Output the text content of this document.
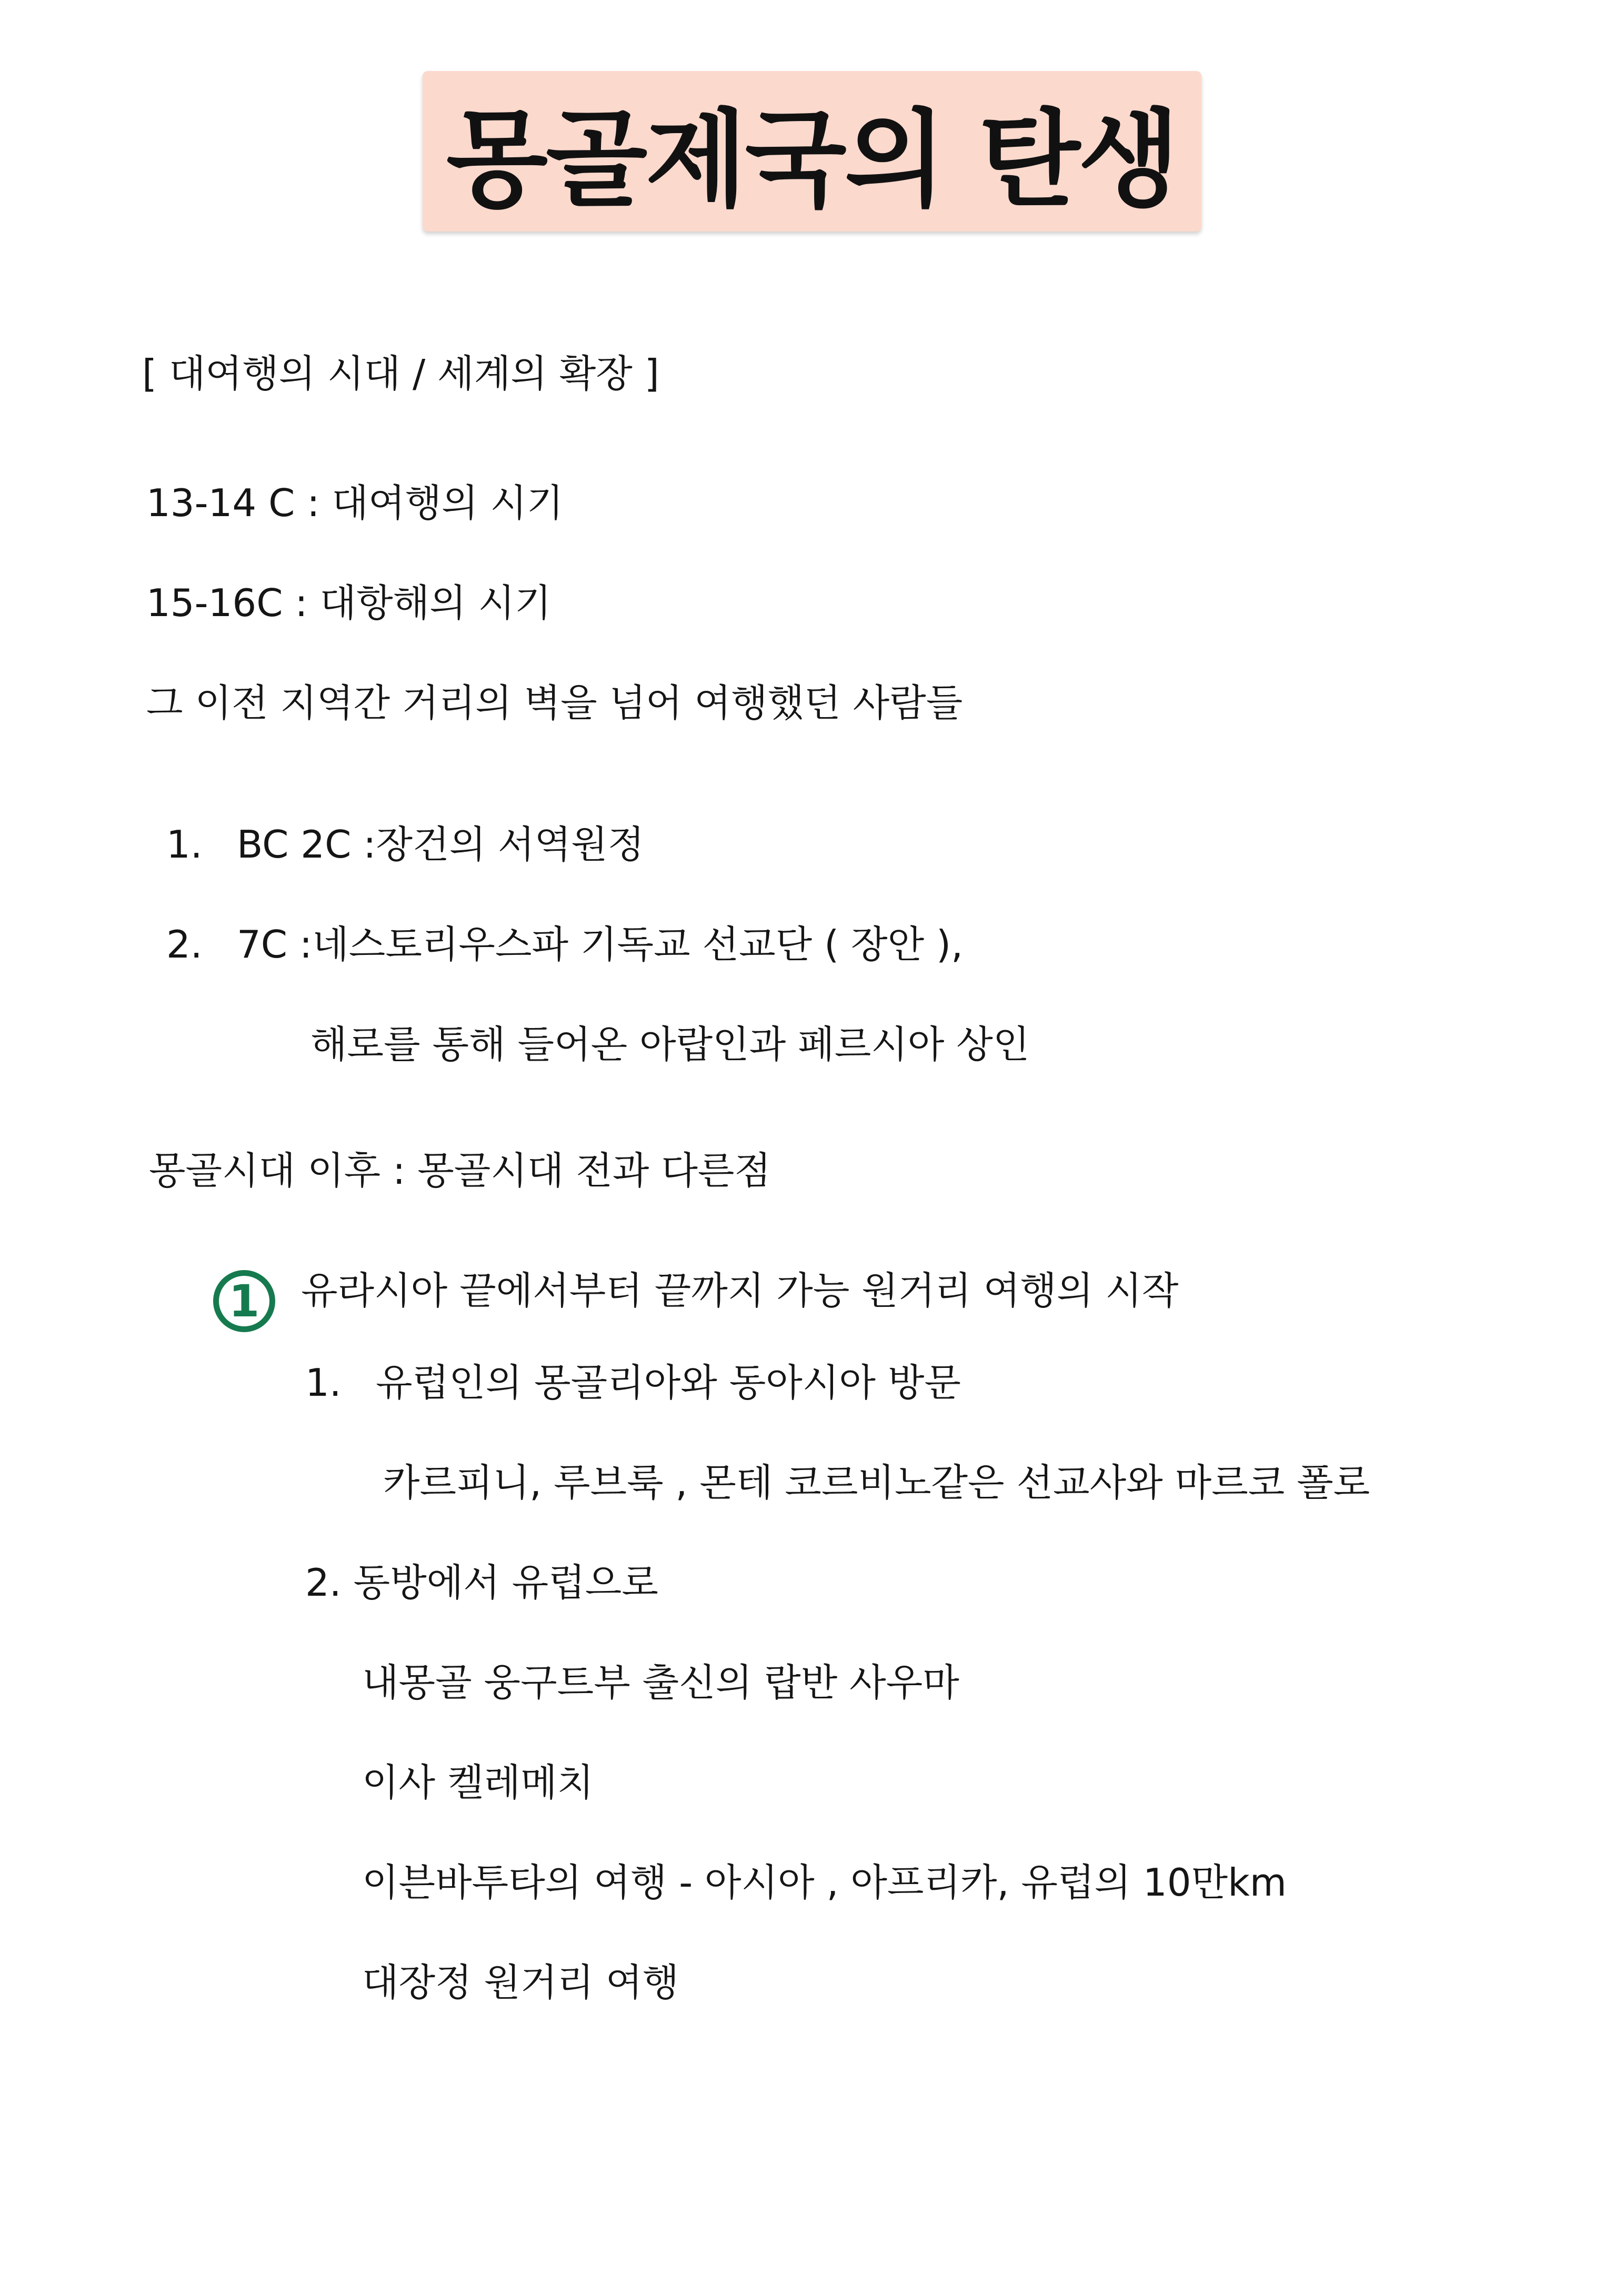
몽골제국의 탄생
[ 대여행의 시대 / 세계의 확장 ]
13-14 C : 대여행의 시기
15-16C : 대항해의 시기
그 이전 지역간 거리의 벽을 넘어 여행했던 사람들
1. BC 2C :장건의 서역원정
2. 7C :네스토리우스파 기독교 선교단 ( 장안 ),
해로를 통해 들어온 아랍인과 페르시아 상인
몽골시대 이후 : 몽골시대 전과 다른점
1	유라시아 끝에서부터 끝까지 가능 원거리 여행의 시작
1. 유럽인의 몽골리아와 동아시아 방문
카르피니, 루브룩 , 몬테 코르비노같은 선교사와 마르코 폴로
2. 동방에서 유럽으로
내몽골 웅구트부 출신의 랍반 사우마
이사 켈레메치
이븐바투타의 여행 - 아시아 , 아프리카, 유럽의 10만km
대장정 원거리 여행
